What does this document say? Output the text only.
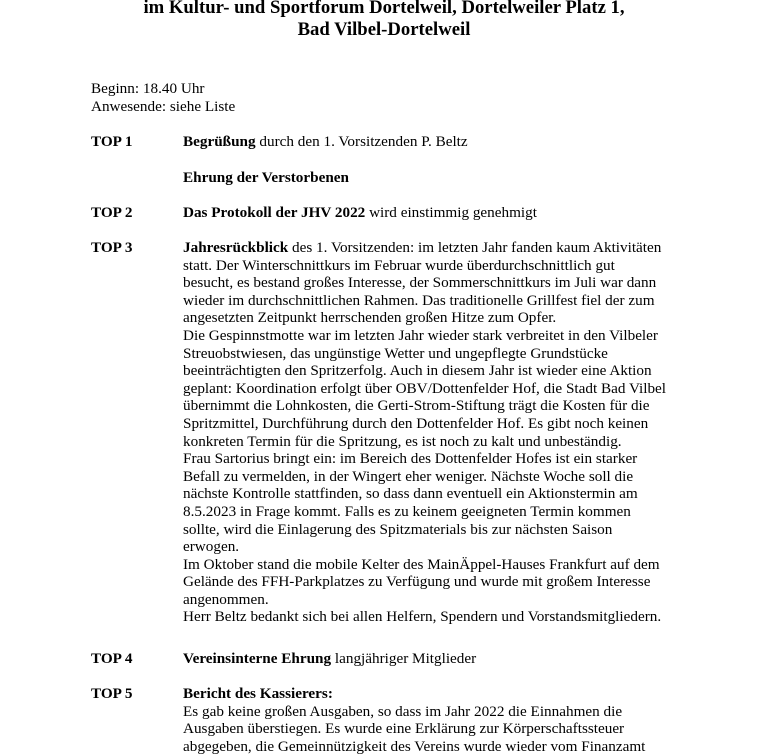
im Kultur- und Sportforum Dortelweil, Dortelweiler Platz 1,
Bad Vilbel-Dortelweil
Beginn: 18.40 Uhr
Anwesende: siehe Liste
TOP 1	Begrüßung durch den 1. Vorsitzenden P. Beltz
Ehrung der Verstorbenen
TOP 2	Das Protokoll der JHV 2022 wird einstimmig genehmigt
TOP 3	Jahresrückblick des 1. Vorsitzenden: im letzten Jahr fanden kaum Aktivitäten
statt. Der Winterschnittkurs im Februar wurde überdurchschnittlich gut
besucht, es bestand großes Interesse, der Sommerschnittkurs im Juli war dann
wieder im durchschnittlichen Rahmen. Das traditionelle Grillfest fiel der zum
angesetzten Zeitpunkt herrschenden großen Hitze zum Opfer.
Die Gespinnstmotte war im letzten Jahr wieder stark verbreitet in den Vilbeler
Streuobstwiesen, das ungünstige Wetter und ungepflegte Grundstücke
beeinträchtigten den Spritzerfolg. Auch in diesem Jahr ist wieder eine Aktion
geplant: Koordination erfolgt über OBV/Dottenfelder Hof, die Stadt Bad Vilbel
übernimmt die Lohnkosten, die Gerti-Strom-Stiftung trägt die Kosten für die
Spritzmittel, Durchführung durch den Dottenfelder Hof. Es gibt noch keinen
konkreten Termin für die Spritzung, es ist noch zu kalt und unbeständig.
Frau Sartorius bringt ein: im Bereich des Dottenfelder Hofes ist ein starker
Befall zu vermelden, in der Wingert eher weniger. Nächste Woche soll die
nächste Kontrolle stattfinden, so dass dann eventuell ein Aktionstermin am
8.5.2023 in Frage kommt. Falls es zu keinem geeigneten Termin kommen
sollte, wird die Einlagerung des Spitzmaterials bis zur nächsten Saison
erwogen.
Im Oktober stand die mobile Kelter des MainÄppel-Hauses Frankfurt auf dem
Gelände des FFH-Parkplatzes zu Verfügung und wurde mit großem Interesse
angenommen.
Herr Beltz bedankt sich bei allen Helfern, Spendern und Vorstandsmitgliedern.
TOP 4	Vereinsinterne Ehrung langjähriger Mitglieder
TOP 5	Bericht des Kassierers:
Es gab keine großen Ausgaben, so dass im Jahr 2022 die Einnahmen die
Ausgaben überstiegen. Es wurde eine Erklärung zur Körperschaftssteuer
abgegeben, die Gemeinnützigkeit des Vereins wurde wieder vom Finanzamt
